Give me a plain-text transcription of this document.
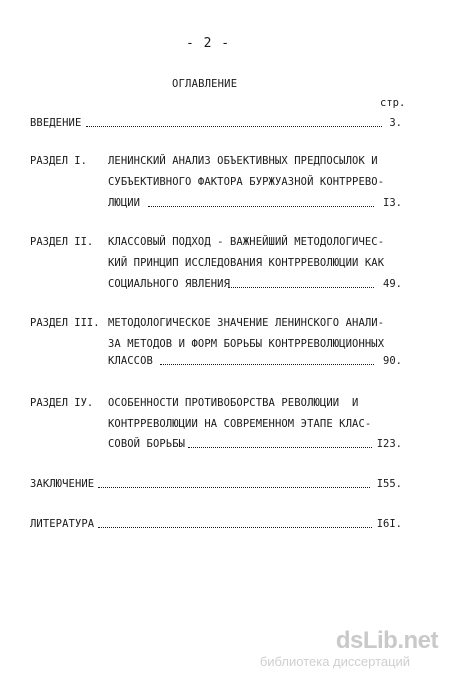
- 2 -
ОГЛАВЛЕНИЕ
стр.
ВВЕДЕНИЕ	3.
РАЗДЕЛ I. ЛЕНИНСКИЙ АНАЛИЗ ОБЪЕКТИВНЫХ ПРЕДПОСЫЛОК И
СУБЪЕКТИВНОГО ФАКТОРА БУРЖУАЗНОЙ КОНТРРЕВО-
ЛЮЦИИ	I3.
РАЗДЕЛ II. КЛАССОВЫЙ ПОДХОД - ВАЖНЕЙШИЙ МЕТОДОЛОГИЧЕС-
КИЙ ПРИНЦИП ИССЛЕДОВАНИЯ КОНТРРЕВОЛЮЦИИ КАК
СОЦИАЛЬНОГО ЯВЛЕНИЯ	49.
РАЗДЕЛ III. МЕТОДОЛОГИЧЕСКОЕ ЗНАЧЕНИЕ ЛЕНИНСКОГО АНАЛИ-
ЗА МЕТОДОВ И ФОРМ БОРЬБЫ КОНТРРЕВОЛЮЦИОННЫХ
КЛАССОВ	90.
РАЗДЕЛ IУ. ОСОБЕННОСТИ ПРОТИВОБОРСТВА РЕВОЛЮЦИИ  И
КОНТРРЕВОЛЮЦИИ НА СОВРЕМЕННОМ ЭТАПЕ КЛАС-
СОВОЙ БОРЬБЫ	I23.
ЗАКЛЮЧЕНИЕ	I55.
ЛИТЕРАТУРА	I6I.
dsLib.net
библиотека диссертаций
